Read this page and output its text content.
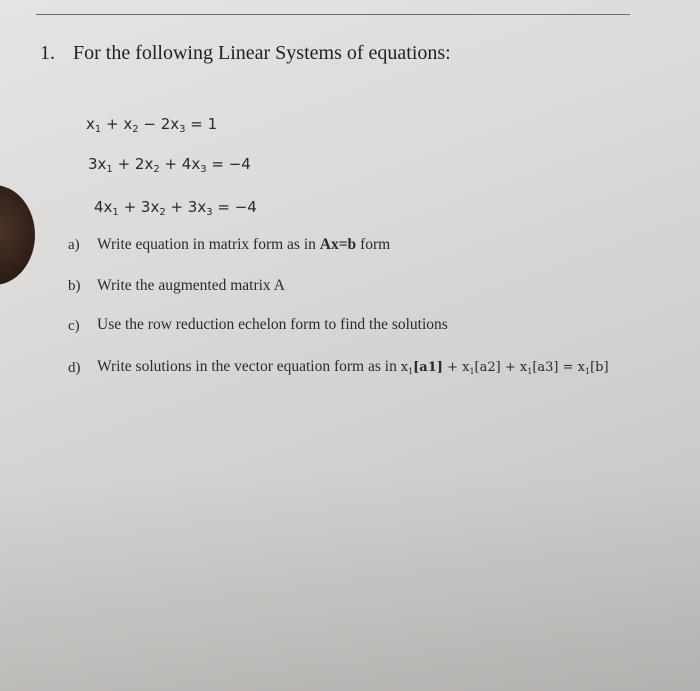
1. For the following Linear Systems of equations:
$x_1 + x_2 - 2x_3 = 1$
$3x_1 + 2x_2 + 4x_3 = -4$
$4x_1 + 3x_2 + 3x_3 = -4$
a) Write equation in matrix form as in Ax=b form
b) Write the augmented matrix A
c) Use the row reduction echelon form to find the solutions
d) Write solutions in the vector equation form as in $x_1[a1] + x_1[a2] + x_1[a3] = x_1[b]$
